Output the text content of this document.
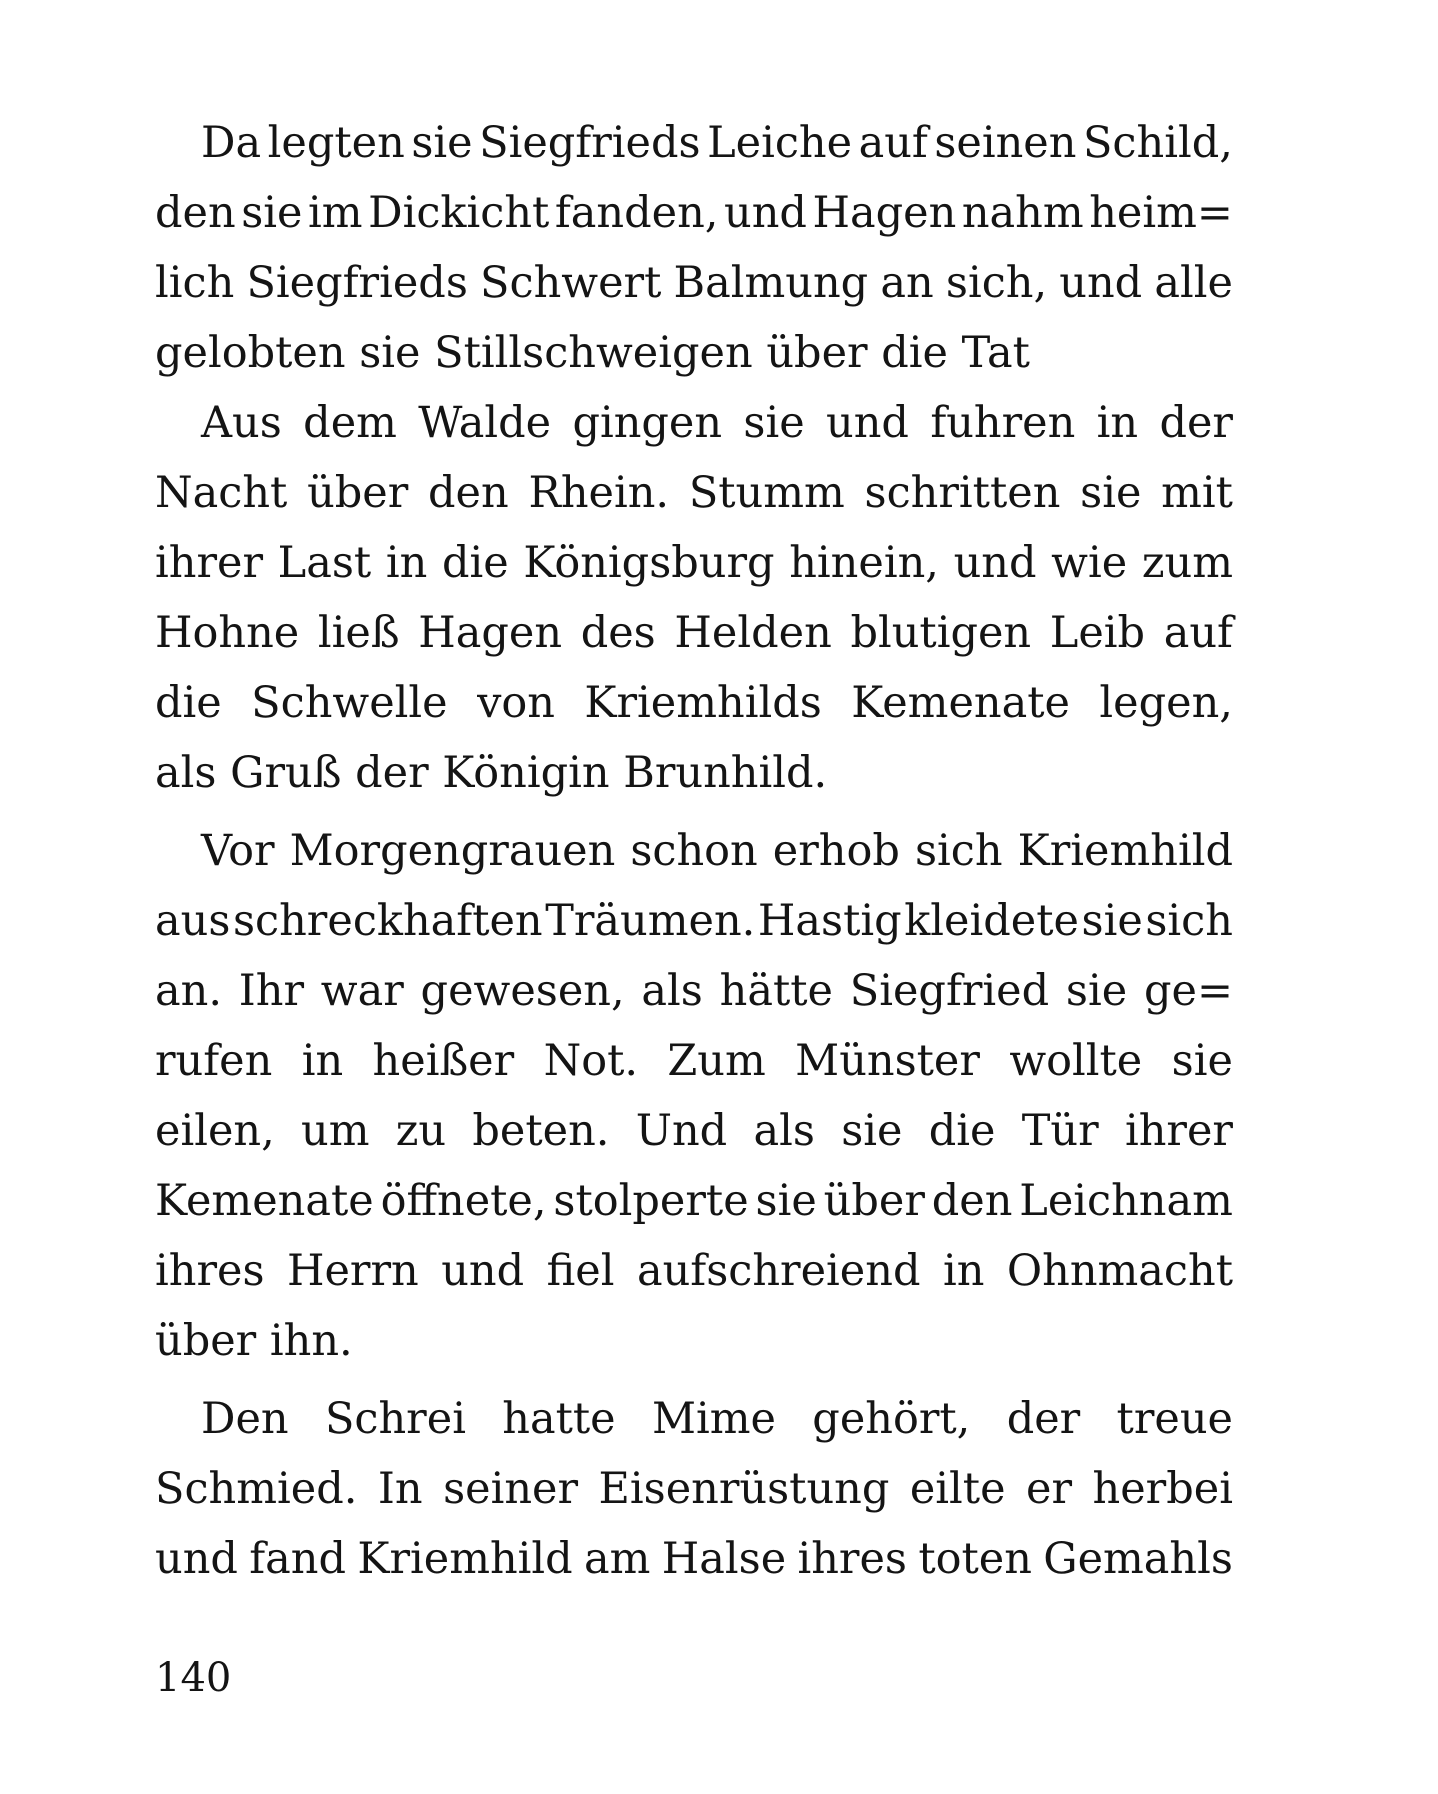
Da legten sie Siegfrieds Leiche auf seinen Schild,
den sie im Dickicht fanden, und Hagen nahm heim=
lich Siegfrieds Schwert Balmung an sich, und alle
gelobten sie Stillschweigen über die Tat
Aus dem Walde gingen sie und fuhren in der
Nacht über den Rhein. Stumm schritten sie mit
ihrer Last in die Königsburg hinein, und wie zum
Hohne ließ Hagen des Helden blutigen Leib auf
die Schwelle von Kriemhilds Kemenate legen,
als Gruß der Königin Brunhild.
Vor Morgengrauen schon erhob sich Kriemhild
aus schreckhaften Träumen. Hastig kleidete sie sich
an. Ihr war gewesen, als hätte Siegfried sie ge=
rufen in heißer Not. Zum Münster wollte sie
eilen, um zu beten. Und als sie die Tür ihrer
Kemenate öffnete, stolperte sie über den Leichnam
ihres Herrn und fiel aufschreiend in Ohnmacht
über ihn.
Den Schrei hatte Mime gehört, der treue
Schmied. In seiner Eisenrüstung eilte er herbei
und fand Kriemhild am Halse ihres toten Gemahls
140
